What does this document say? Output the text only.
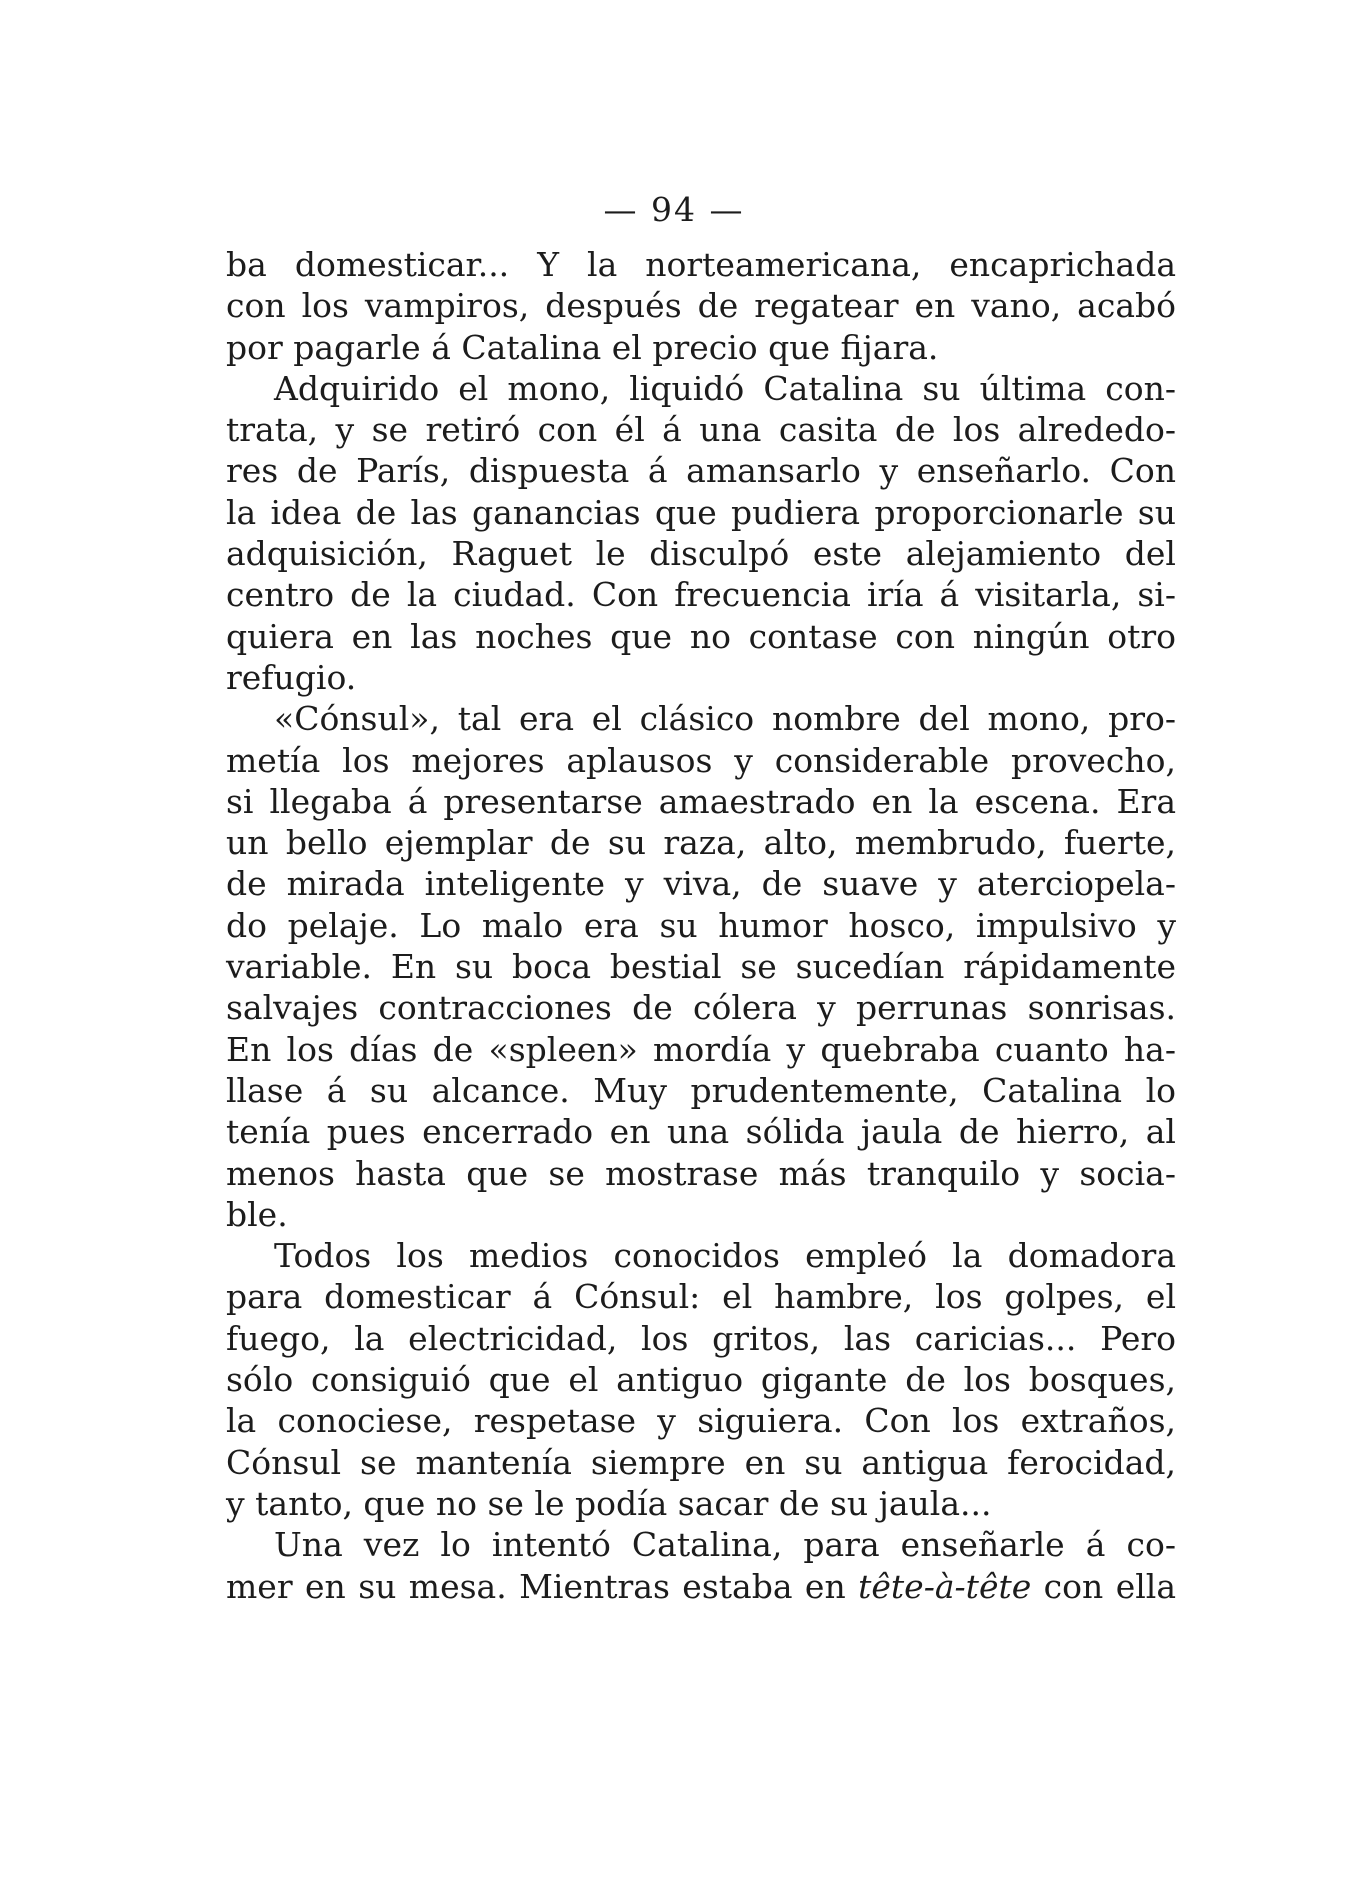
— 94 —
ba domesticar... Y la norteamericana, encaprichada
con los vampiros, después de regatear en vano, acabó
por pagarle á Catalina el precio que fijara.
Adquirido el mono, liquidó Catalina su última con-
trata, y se retiró con él á una casita de los alrededo-
res de París, dispuesta á amansarlo y enseñarlo. Con
la idea de las ganancias que pudiera proporcionarle su
adquisición, Raguet le disculpó este alejamiento del
centro de la ciudad. Con frecuencia iría á visitarla, si-
quiera en las noches que no contase con ningún otro
refugio.
«Cónsul», tal era el clásico nombre del mono, pro-
metía los mejores aplausos y considerable provecho,
si llegaba á presentarse amaestrado en la escena. Era
un bello ejemplar de su raza, alto, membrudo, fuerte,
de mirada inteligente y viva, de suave y aterciopela-
do pelaje. Lo malo era su humor hosco, impulsivo y
variable. En su boca bestial se sucedían rápidamente
salvajes contracciones de cólera y perrunas sonrisas.
En los días de «spleen» mordía y quebraba cuanto ha-
llase á su alcance. Muy prudentemente, Catalina lo
tenía pues encerrado en una sólida jaula de hierro, al
menos hasta que se mostrase más tranquilo y socia-
ble.
Todos los medios conocidos empleó la domadora
para domesticar á Cónsul: el hambre, los golpes, el
fuego, la electricidad, los gritos, las caricias... Pero
sólo consiguió que el antiguo gigante de los bosques,
la conociese, respetase y siguiera. Con los extraños,
Cónsul se mantenía siempre en su antigua ferocidad,
y tanto, que no se le podía sacar de su jaula...
Una vez lo intentó Catalina, para enseñarle á co-
mer en su mesa. Mientras estaba en tête-à-tête con ella
